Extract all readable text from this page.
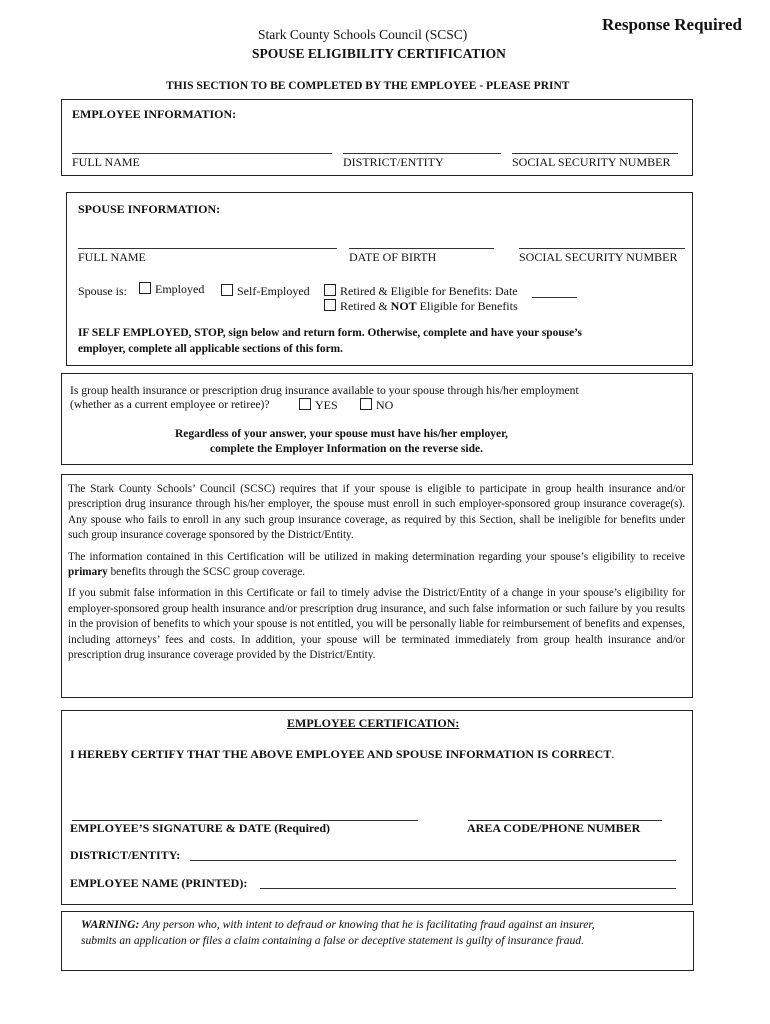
Response Required
Stark County Schools Council (SCSC)
SPOUSE ELIGIBILITY CERTIFICATION
THIS SECTION TO BE COMPLETED BY THE EMPLOYEE - PLEASE PRINT
EMPLOYEE INFORMATION:
FULL NAME	DISTRICT/ENTITY	SOCIAL SECURITY NUMBER
SPOUSE INFORMATION:
FULL NAME	DATE OF BIRTH	SOCIAL SECURITY NUMBER
Spouse is:	Employed	Self-Employed	Retired & Eligible for Benefits: Date
Retired & NOT Eligible for Benefits
IF SELF EMPLOYED, STOP, sign below and return form. Otherwise, complete and have your spouse’s
employer, complete all applicable sections of this form.
Is group health insurance or prescription drug insurance available to your spouse through his/her employment
(whether as a current employee or retiree)?	YES	NO
Regardless of your answer, your spouse must have his/her employer,
complete the Employer Information on the reverse side.

The Stark County Schools’ Council (SCSC) requires that if your spouse is eligible to participate in group health insurance and/or prescription drug insurance through his/her employer, the spouse must enroll in such employer-sponsored group insurance coverage(s). Any spouse who fails to enroll in any such group insurance coverage, as required by this Section, shall be ineligible for benefits under such group insurance coverage sponsored by the District/Entity.

The information contained in this Certification will be utilized in making determination regarding your spouse’s eligibility to receive primary benefits through the SCSC group coverage.

If you submit false information in this Certificate or fail to timely advise the District/Entity of a change in your spouse’s eligibility for employer-sponsored group health insurance and/or prescription drug insurance, and such false information or such failure by you results in the provision of benefits to which your spouse is not entitled, you will be personally liable for reimbursement of benefits and expenses, including attorneys’ fees and costs. In addition, your spouse will be terminated immediately from group health insurance and/or prescription drug insurance coverage provided by the District/Entity.

EMPLOYEE CERTIFICATION:
I HEREBY CERTIFY THAT THE ABOVE EMPLOYEE AND SPOUSE INFORMATION IS CORRECT.
EMPLOYEE’S SIGNATURE & DATE (Required)	AREA CODE/PHONE NUMBER
DISTRICT/ENTITY:
EMPLOYEE NAME (PRINTED):
WARNING: Any person who, with intent to defraud or knowing that he is facilitating fraud against an insurer,
submits an application or files a claim containing a false or deceptive statement is guilty of insurance fraud.
